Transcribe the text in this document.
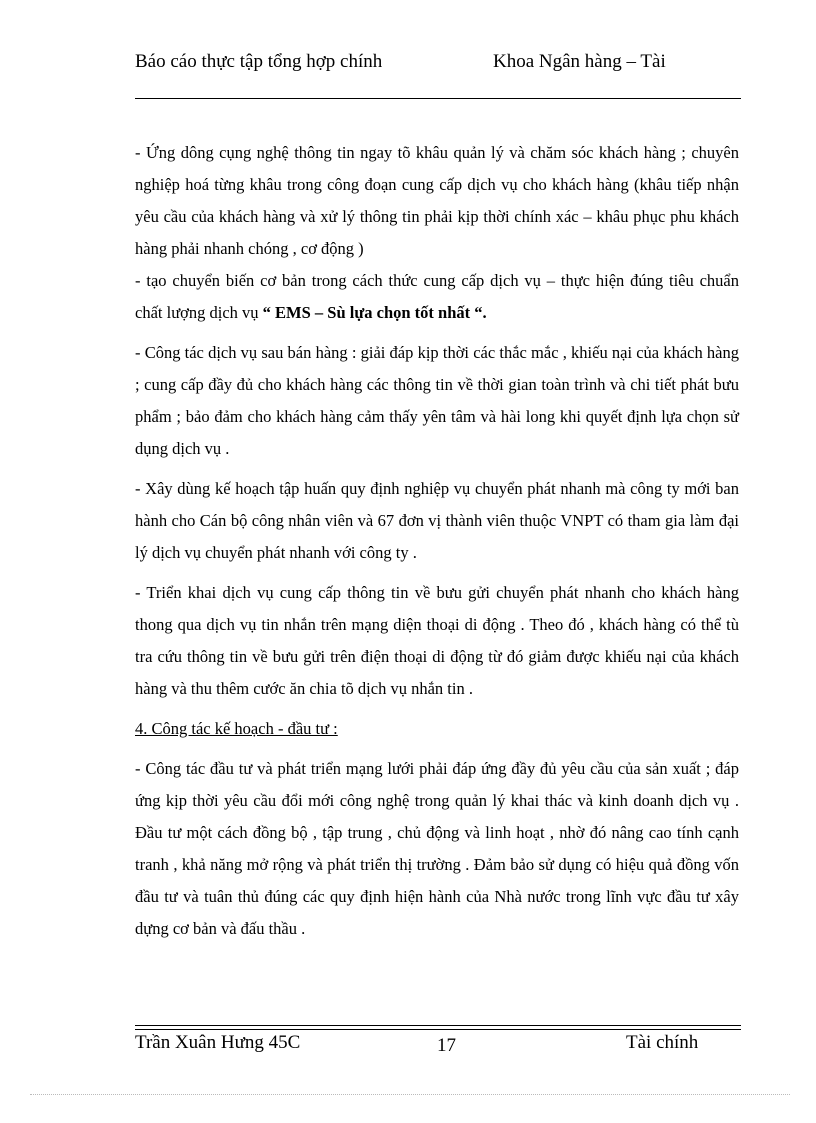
Báo cáo thực tập tổng hợp chính	Khoa Ngân hàng – Tài

- Ứng dông cụng nghệ thông tin ngay tõ khâu quản lý và chăm sóc khách hàng ; chuyên nghiệp hoá từng khâu trong công đoạn cung cấp dịch vụ cho khách hàng (khâu tiếp nhận yêu cầu của khách hàng và xử lý thông tin phải kịp thời chính xác – khâu phục phu khách hàng phải nhanh chóng , cơ động )

- tạo chuyển biến cơ bản trong cách thức cung cấp dịch vụ – thực hiện đúng tiêu chuẩn chất lượng dịch vụ “ EMS – Sù lựa chọn tốt nhất “.

- Công tác dịch vụ sau bán hàng : giải đáp kịp thời các thắc mắc , khiếu nại của khách hàng ; cung cấp đầy đủ cho khách hàng các thông tin về thời gian toàn trình và chi tiết phát bưu phẩm ; bảo đảm cho khách hàng cảm thấy yên tâm và hài long khi quyết định lựa chọn sử dụng dịch vụ .

- Xây dùng kế hoạch tập huấn quy định nghiệp vụ chuyển phát nhanh mà công ty mới ban hành cho Cán bộ công nhân viên và 67 đơn vị thành viên thuộc VNPT có tham gia làm đại lý dịch vụ chuyển phát nhanh với công ty .

- Triển khai dịch vụ cung cấp thông tin về bưu gửi chuyển phát nhanh cho khách hàng thong qua dịch vụ tin nhắn trên mạng diện thoại di động . Theo đó , khách hàng có thể tù tra cứu thông tin về bưu gửi trên điện thoại di động từ đó giảm được khiếu nại của khách hàng và thu thêm cước ăn chia tõ dịch vụ nhắn tin .

4. Công tác kế hoạch - đầu tư :

- Công tác đầu tư và phát triển mạng lưới phải đáp ứng đầy đủ yêu cầu của sản xuất ; đáp ứng kịp thời yêu cầu đổi mới công nghệ trong quản lý khai thác và kinh doanh dịch vụ . Đầu tư một cách đồng bộ , tập trung , chủ động và linh hoạt , nhờ đó nâng cao tính cạnh tranh , khả năng mở rộng và phát triển thị trường . Đảm bảo sử dụng có hiệu quả đồng vốn đầu tư và tuân thủ đúng các quy định hiện hành của Nhà nước trong lĩnh vực đầu tư xây dựng cơ bản và đấu thầu .

Trần Xuân Hưng 45C	17	Tài chính
